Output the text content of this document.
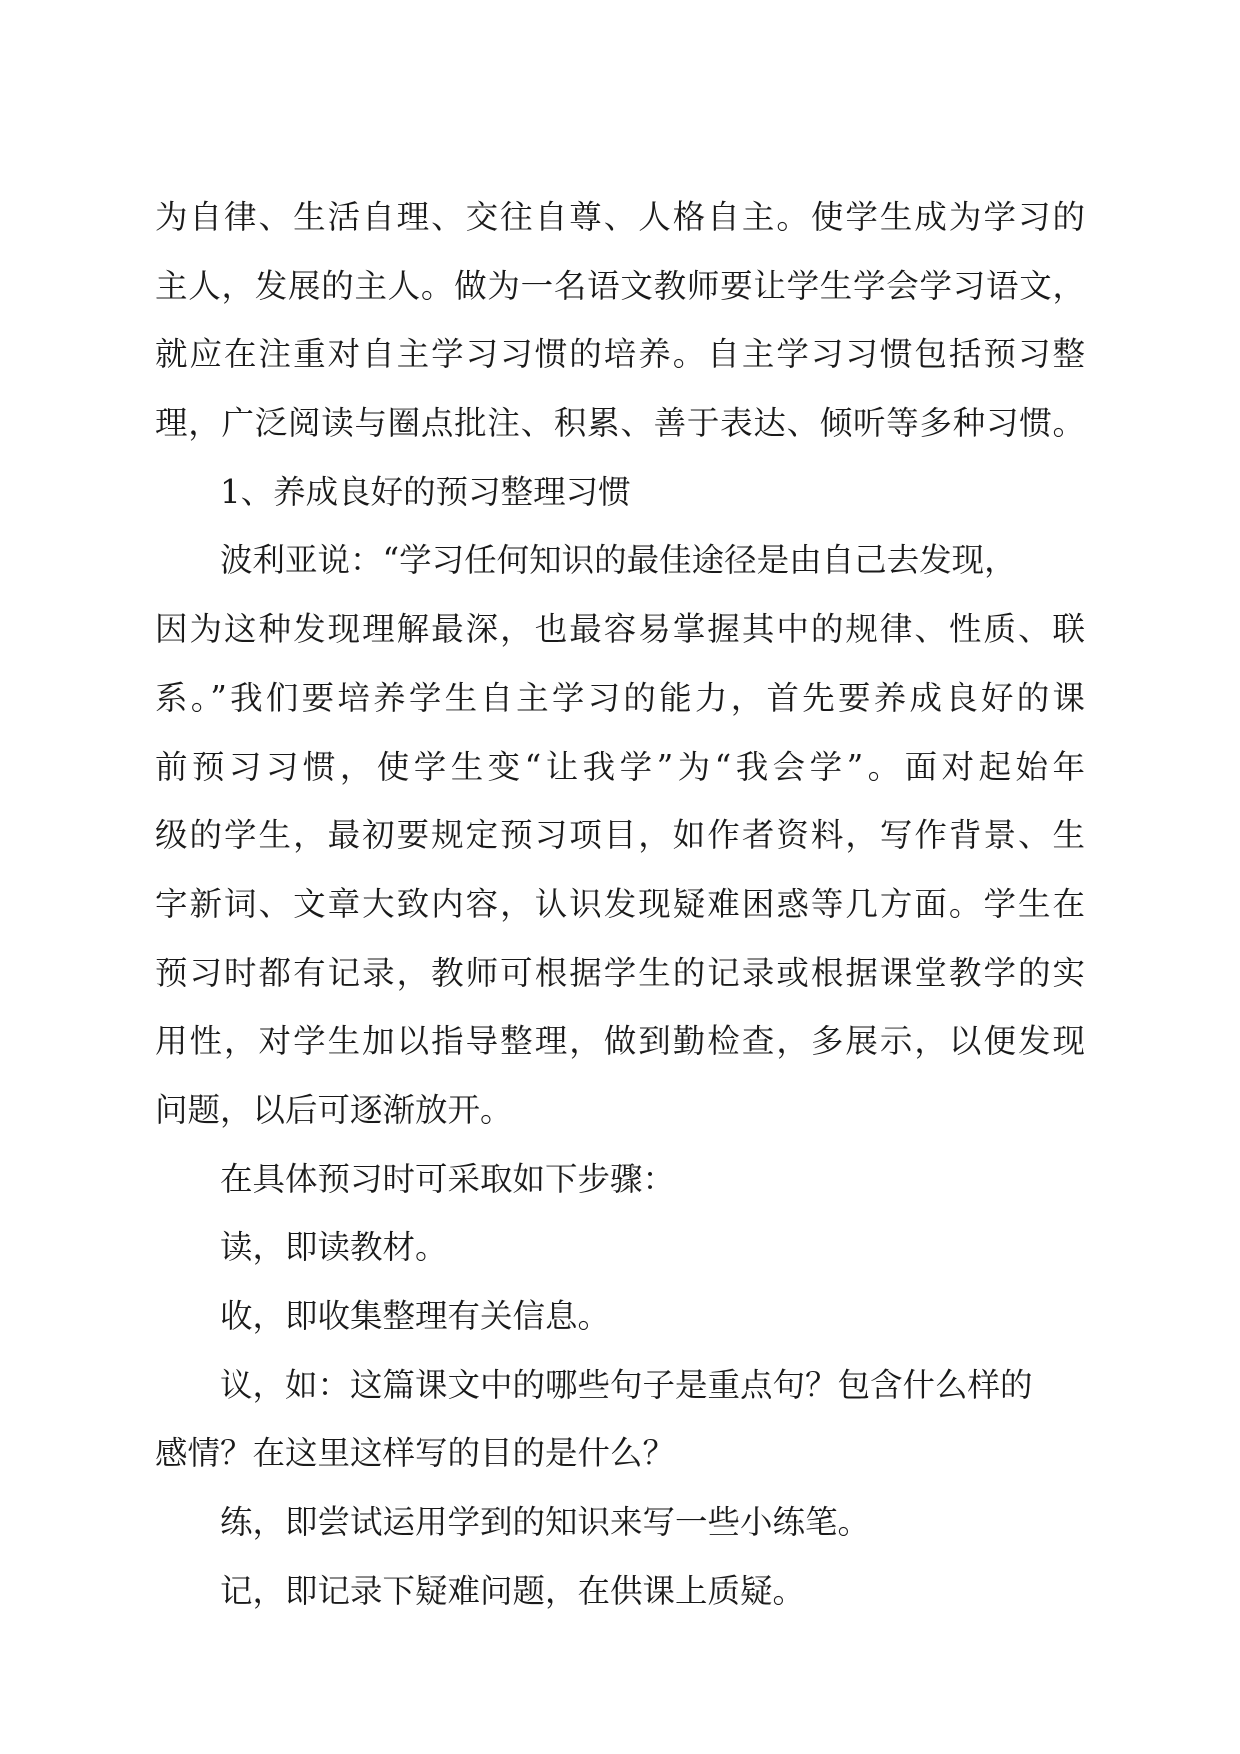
为自律、生活自理、交往自尊、人格自主。使学生成为学习的
主人，发展的主人。做为一名语文教师要让学生学会学习语文，
就应在注重对自主学习习惯的培养。自主学习习惯包括预习整
理，广泛阅读与圈点批注、积累、善于表达、倾听等多种习惯。
1、养成良好的预习整理习惯
波利亚说：“学习任何知识的最佳途径是由自己去发现，
因为这种发现理解最深，也最容易掌握其中的规律、性质、联
系。”我们要培养学生自主学习的能力，首先要养成良好的课
前预习习惯，使学生变“让我学”为“我会学”。面对起始年
级的学生，最初要规定预习项目，如作者资料，写作背景、生
字新词、文章大致内容，认识发现疑难困惑等几方面。学生在
预习时都有记录，教师可根据学生的记录或根据课堂教学的实
用性，对学生加以指导整理，做到勤检查，多展示，以便发现
问题，以后可逐渐放开。
在具体预习时可采取如下步骤：
读，即读教材。
收，即收集整理有关信息。
议，如：这篇课文中的哪些句子是重点句？包含什么样的
感情？在这里这样写的目的是什么？
练，即尝试运用学到的知识来写一些小练笔。
记，即记录下疑难问题，在供课上质疑。
